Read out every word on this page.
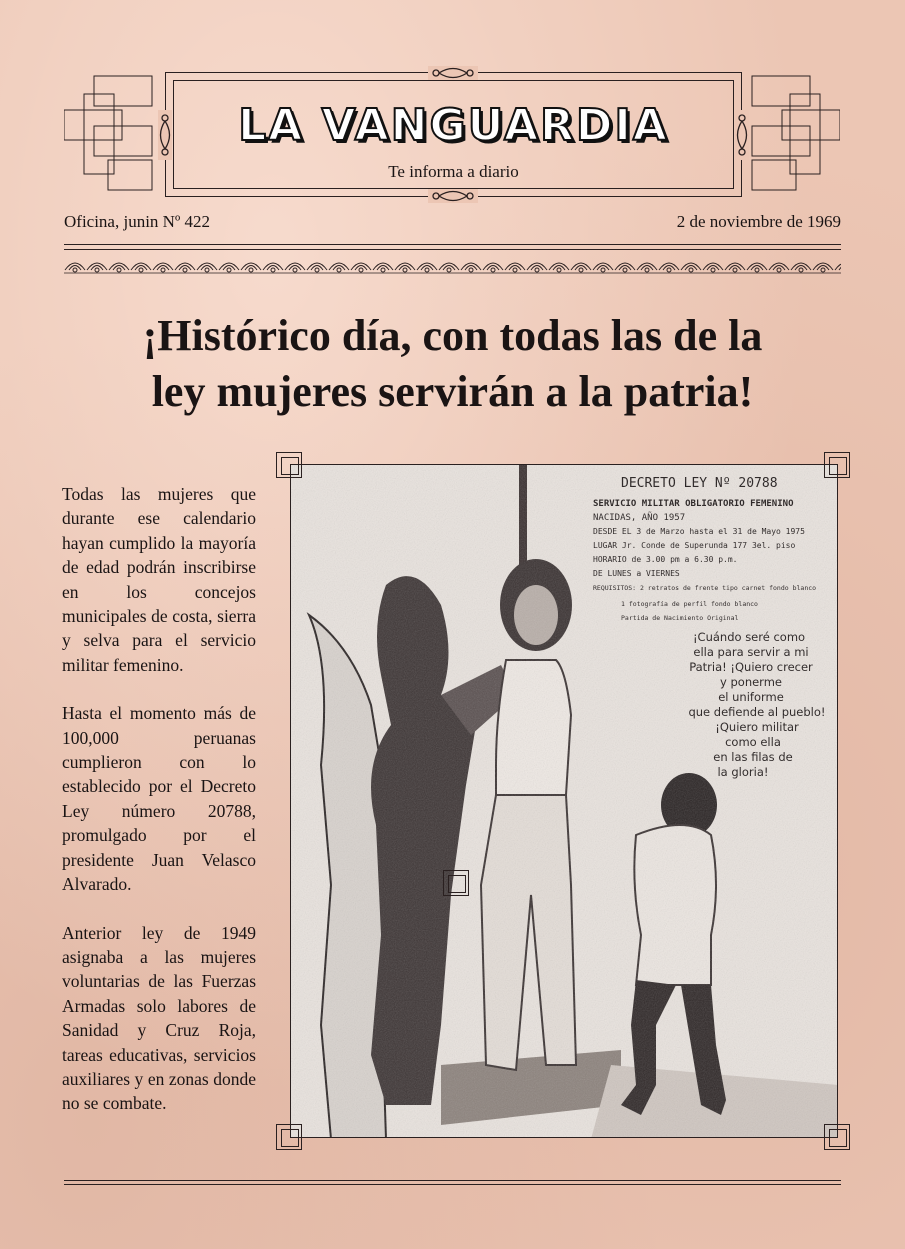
LA VANGUARDIA
Te informa a diario
Oficina, junin Nº 422	2 de noviembre de 1969
¡Histórico día, con todas las de la
ley mujeres servirán a la patria!

Todas las mujeres que durante ese calendario hayan cumplido la mayoría de edad podrán inscribirse en los concejos municipales de costa, sierra y selva para el servicio militar femenino.

Hasta el momento más de 100,000 peruanas cumplieron con lo establecido por el Decreto Ley número 20788, promulgado por el presidente Juan Velasco Alvarado.

Anterior ley de 1949 asignaba a las mujeres voluntarias de las Fuerzas Armadas solo labores de Sanidad y Cruz Roja, tareas educativas, servicios auxiliares y en zonas donde no se combate.
